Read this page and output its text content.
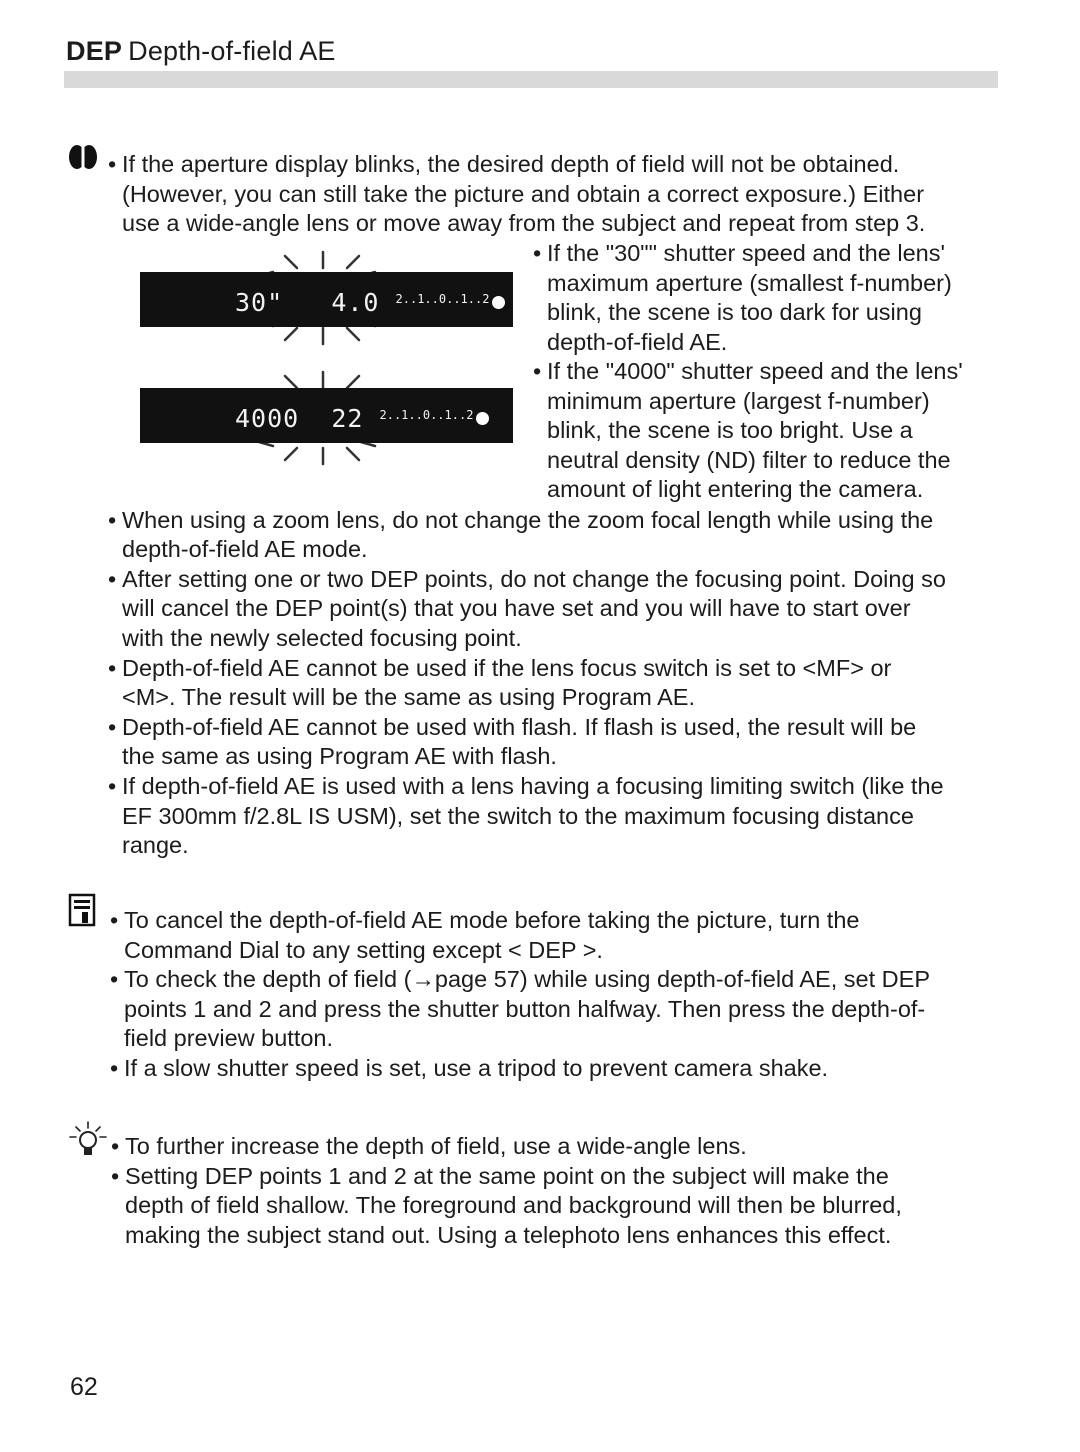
DEP Depth-of-field AE
If the aperture display blinks, the desired depth of field will not be obtained.
(However, you can still take the picture and obtain a correct exposure.) Either
use a wide-angle lens or move away from the subject and repeat from step 3.
•
30" 4.0 $^{2..1..0..1..2}$
4000 22 $^{2..1..0..1..2}$
If the "30"" shutter speed and the lens'
maximum aperture (smallest f-number)
blink, the scene is too dark for using
depth-of-field AE.
•
If the "4000" shutter speed and the lens'
minimum aperture (largest f-number)
blink, the scene is too bright. Use a
neutral density (ND) filter to reduce the
amount of light entering the camera.
•
When using a zoom lens, do not change the zoom focal length while using the
depth-of-field AE mode.
•
After setting one or two DEP points, do not change the focusing point. Doing so
will cancel the DEP point(s) that you have set and you will have to start over
with the newly selected focusing point.
•
Depth-of-field AE cannot be used if the lens focus switch is set to <MF> or
<M>. The result will be the same as using Program AE.
•
Depth-of-field AE cannot be used with flash. If flash is used, the result will be
the same as using Program AE with flash.
•
If depth-of-field AE is used with a lens having a focusing limiting switch (like the
EF 300mm f/2.8L IS USM), set the switch to the maximum focusing distance
range.
•
To cancel the depth-of-field AE mode before taking the picture, turn the
Command Dial to any setting except < DEP >.
•
To check the depth of field (→page 57) while using depth-of-field AE, set DEP
points 1 and 2 and press the shutter button halfway. Then press the depth-of-
field preview button.
•
If a slow shutter speed is set, use a tripod to prevent camera shake.
•
To further increase the depth of field, use a wide-angle lens.
•
Setting DEP points 1 and 2 at the same point on the subject will make the
depth of field shallow. The foreground and background will then be blurred,
making the subject stand out. Using a telephoto lens enhances this effect.
•
62
